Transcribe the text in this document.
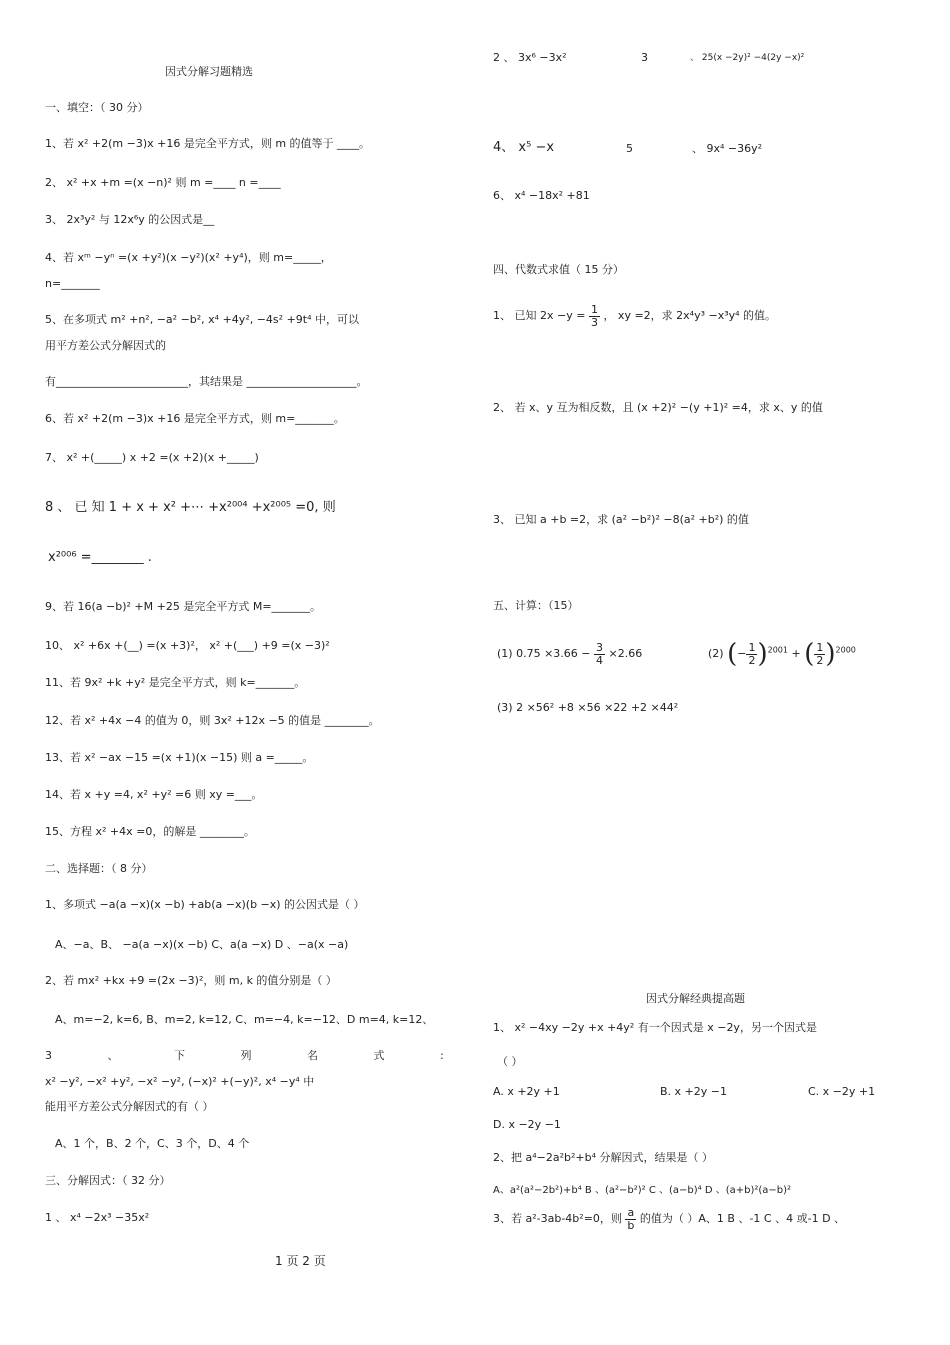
因式分解习题精选
一、填空：（ 30 分）
1、若 x² +2(m −3)x +16 是完全平方式，则 m 的值等于 ____。
2、 x² +x +m =(x −n)² 则 m =____ n =____
3、 2x³y² 与 12x⁶y 的公因式是__
4、若 xᵐ −yⁿ =(x +y²)(x −y²)(x² +y⁴)，则 m=_____，
n=_______
5、在多项式 m² +n², −a² −b², x⁴ +4y², −4s² +9t⁴ 中，可以
用平方差公式分解因式的
有________________________，其结果是 ____________________。
6、若 x² +2(m −3)x +16 是完全平方式，则 m=_______。
7、 x² +(_____) x +2 =(x +2)(x +_____)
8 、 已 知 1 + x + x² +⋯ +x²⁰⁰⁴ +x²⁰⁰⁵ =0, 则
x²⁰⁰⁶ =________ .
9、若 16(a −b)² +M +25 是完全平方式 M=_______。
10、 x² +6x +(__) =(x +3)²， x² +(___) +9 =(x −3)²
11、若 9x² +k +y² 是完全平方式，则 k=_______。
12、若 x² +4x −4 的值为 0，则 3x² +12x −5 的值是 ________。
13、若 x² −ax −15 =(x +1)(x −15) 则 a =_____。
14、若 x +y =4, x² +y² =6 则 xy =___。
15、方程 x² +4x =0，的解是 ________。
二、选择题：（ 8 分）
1、多项式 −a(a −x)(x −b) +ab(a −x)(b −x) 的公因式是（ ）
A、−a、B、 −a(a −x)(x −b) C、a(a −x) D 、−a(x −a)
2、若 mx² +kx +9 =(2x −3)²，则 m, k 的值分别是（ ）
A、m=−2, k=6, B、m=2, k=12, C、m=−4, k=−12、D m=4, k=12、
3 、 下 列 名 式 :
x² −y², −x² +y², −x² −y², (−x)² +(−y)², x⁴ −y⁴ 中
能用平方差公式分解因式的有（ ）
A、1 个，B、2 个，C、3 个，D、4 个
三、分解因式：（ 32 分）
1 、 x⁴ −2x³ −35x²
1 页 2 页
2 、 3x⁶ −3x²	3	、 25(x −2y)² −4(2y −x)²
4、 x⁵ −x	5	、 9x⁴ −36y²
6、 x⁴ −18x² +81
四、代数式求值（ 15 分）
1、 已知 $2x -y = \frac{1}{3}$ ， xy =2，求 2x⁴y³ −x³y⁴ 的值。
2、 若 x、y 互为相反数，且 (x +2)² −(y +1)² =4，求 x、y 的值
3、 已知 a +b =2，求 (a² −b²)² −8(a² +b²) 的值
五、计算：（15）
(1) $0.75 \times 3.66 - \frac{3}{4} \times 2.66$	(2) (− $\frac{1}{2} )^{2001}$ + ( $\frac{1}{2} )^{2000}$
(3) 2 ×56² +8 ×56 ×22 +2 ×44²
因式分解经典提高题
1、 x² −4xy −2y +x +4y² 有一个因式是 x −2y，另一个因式是
（ ）
A. x +2y +1	B. x +2y −1	C. x −2y +1
D. x −2y −1
2、把 a⁴−2a²b²+b⁴ 分解因式，结果是（ ）
A、a²(a²−2b²)+b⁴ B 、(a²−b²)² C 、(a−b)⁴ D 、(a+b)²(a−b)²
3、若 a²-3ab-4b²=0，则 $\frac{a}{b}$ 的值为（ ）A、1 B 、-1 C 、4 或-1 D 、
